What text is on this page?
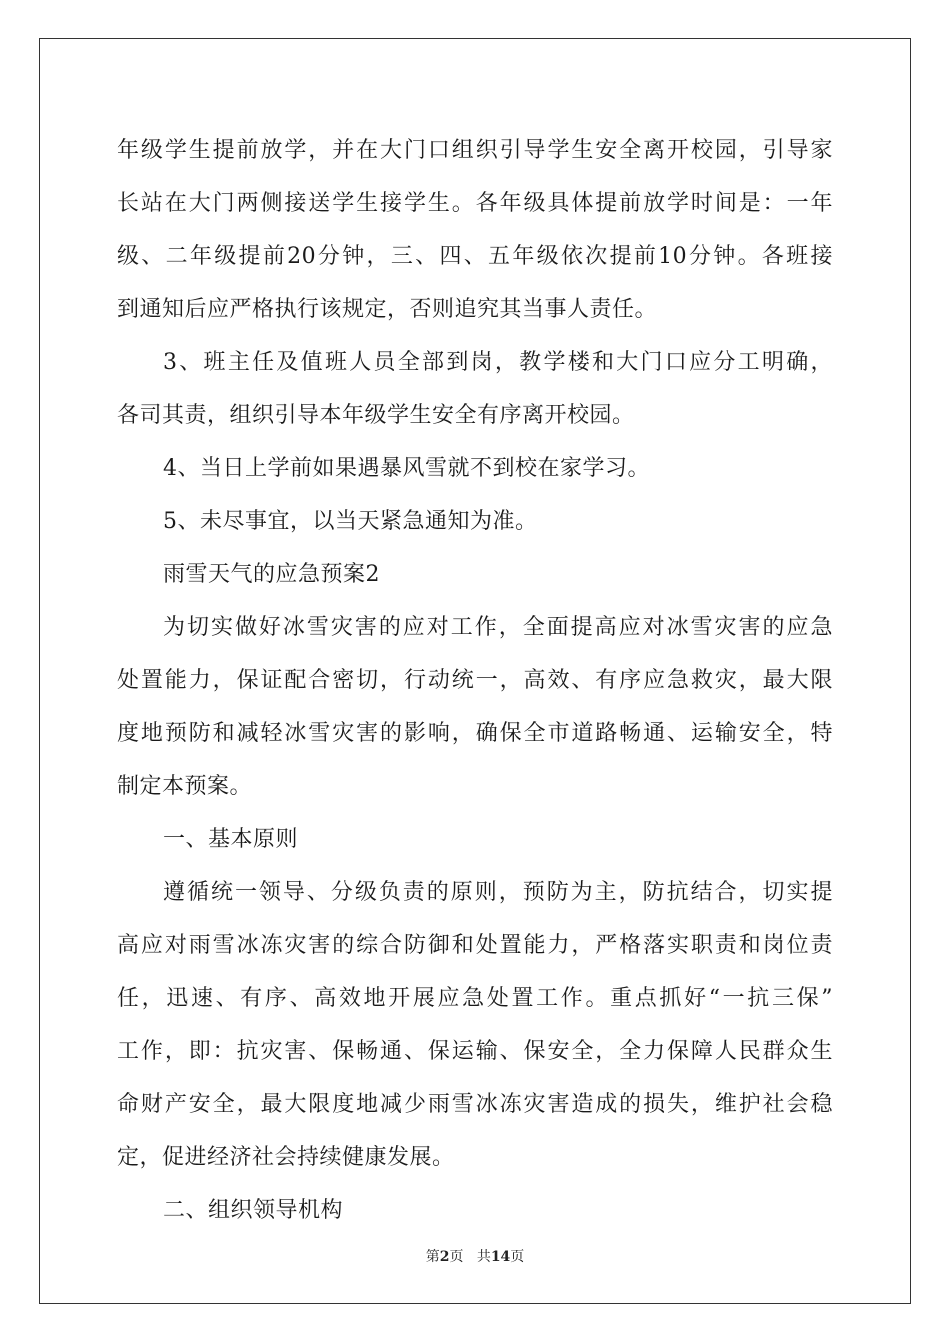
年级学生提前放学，并在大门口组织引导学生安全离开校园，引导家
长站在大门两侧接送学生接学生。各年级具体提前放学时间是：一年
级、二年级提前20分钟，三、四、五年级依次提前10分钟。各班接
到通知后应严格执行该规定，否则追究其当事人责任。
3、班主任及值班人员全部到岗，教学楼和大门口应分工明确，
各司其责，组织引导本年级学生安全有序离开校园。
4、当日上学前如果遇暴风雪就不到校在家学习。
5、未尽事宜，以当天紧急通知为准。
雨雪天气的应急预案2
为切实做好冰雪灾害的应对工作，全面提高应对冰雪灾害的应急
处置能力，保证配合密切，行动统一，高效、有序应急救灾，最大限
度地预防和减轻冰雪灾害的影响，确保全市道路畅通、运输安全，特
制定本预案。
一、基本原则
遵循统一领导、分级负责的原则，预防为主，防抗结合，切实提
高应对雨雪冰冻灾害的综合防御和处置能力，严格落实职责和岗位责
任，迅速、有序、高效地开展应急处置工作。重点抓好“一抗三保”
工作，即：抗灾害、保畅通、保运输、保安全，全力保障人民群众生
命财产安全，最大限度地减少雨雪冰冻灾害造成的损失，维护社会稳
定，促进经济社会持续健康发展。
二、组织领导机构
第2页 共14页
